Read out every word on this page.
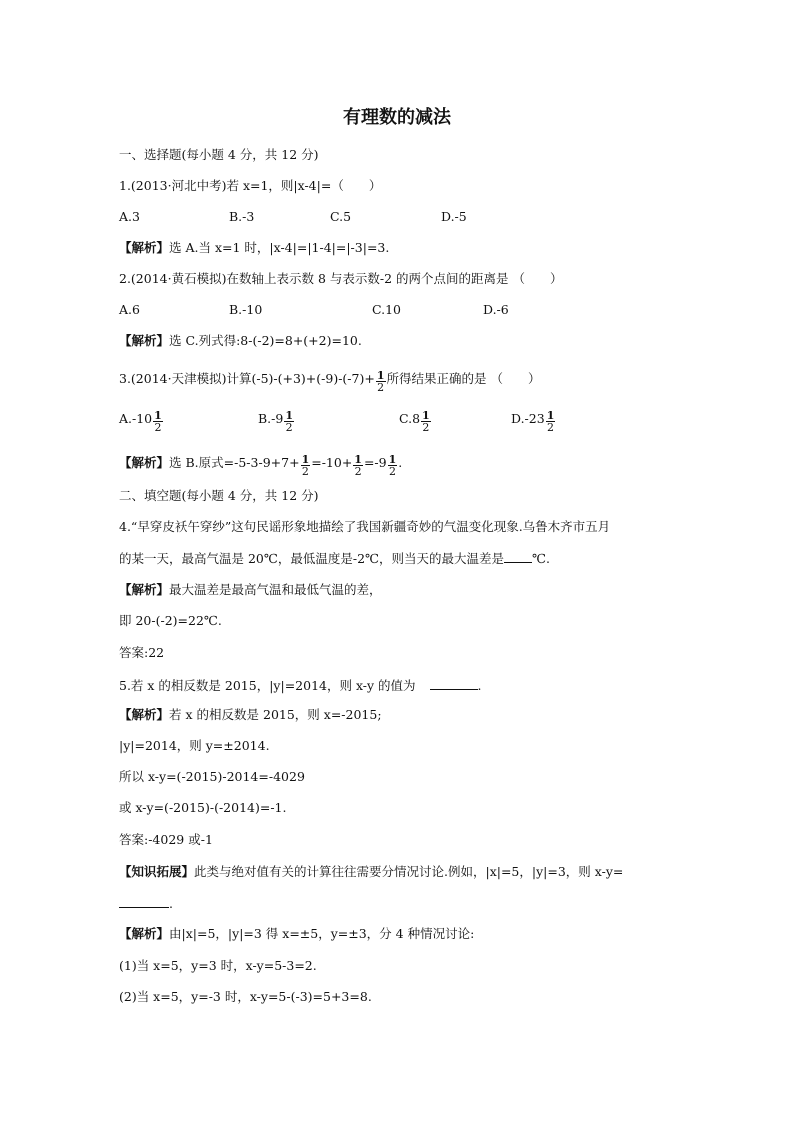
有理数的减法
一、选择题(每小题 4 分，共 12 分)
1.(2013·河北中考)若 x=1，则|x-4|=（　　）
A.3	B.-3	C.5	D.-5
【解析】选 A.当 x=1 时，|x-4|=|1-4|=|-3|=3.
2.(2014·黄石模拟)在数轴上表示数 8 与表示数-2 的两个点间的距离是 （　　）
A.6	B.-10	C.10	D.-6
【解析】选 C.列式得:8-(-2)=8+(+2)=10.
3.(2014·天津模拟)计算$(-5)-(+3)+(-9)-(-7)+ \frac{1}{2}$ 所得结果正确的是 （　　）
$A.-10 \frac{1}{2}$	$B.-9 \frac{1}{2}$	$C.8 \frac{1}{2}$	$D.-23 \frac{1}{2}$
【解析】选 B.原式$=-5-3-9+7+ \frac{1}{2} =-10+ \frac{1}{2} =-9 \frac{1}{2}$ .
二、填空题(每小题 4 分，共 12 分)
4.“早穿皮袄午穿纱”这句民谣形象地描绘了我国新疆奇妙的气温变化现象.乌鲁木齐市五月
的某一天，最高气温是 20℃，最低温度是-2℃，则当天的最大温差是 ℃.
【解析】最大温差是最高气温和最低气温的差，
即 20-(-2)=22℃.
答案:22
5.若 x 的相反数是 2015，|y|=2014，则 x-y 的值为	.
【解析】若 x 的相反数是 2015，则 x=-2015;
|y|=2014，则 y=±2014.
所以 x-y=(-2015)-2014=-4029
或 x-y=(-2015)-(-2014)=-1.
答案:-4029 或-1
【知识拓展】此类与绝对值有关的计算往往需要分情况讨论.例如，|x|=5，|y|=3，则 x-y=
.
【解析】由|x|=5，|y|=3 得 x=±5，y=±3，分 4 种情况讨论:
(1)当 x=5，y=3 时，x-y=5-3=2.
(2)当 x=5，y=-3 时，x-y=5-(-3)=5+3=8.
